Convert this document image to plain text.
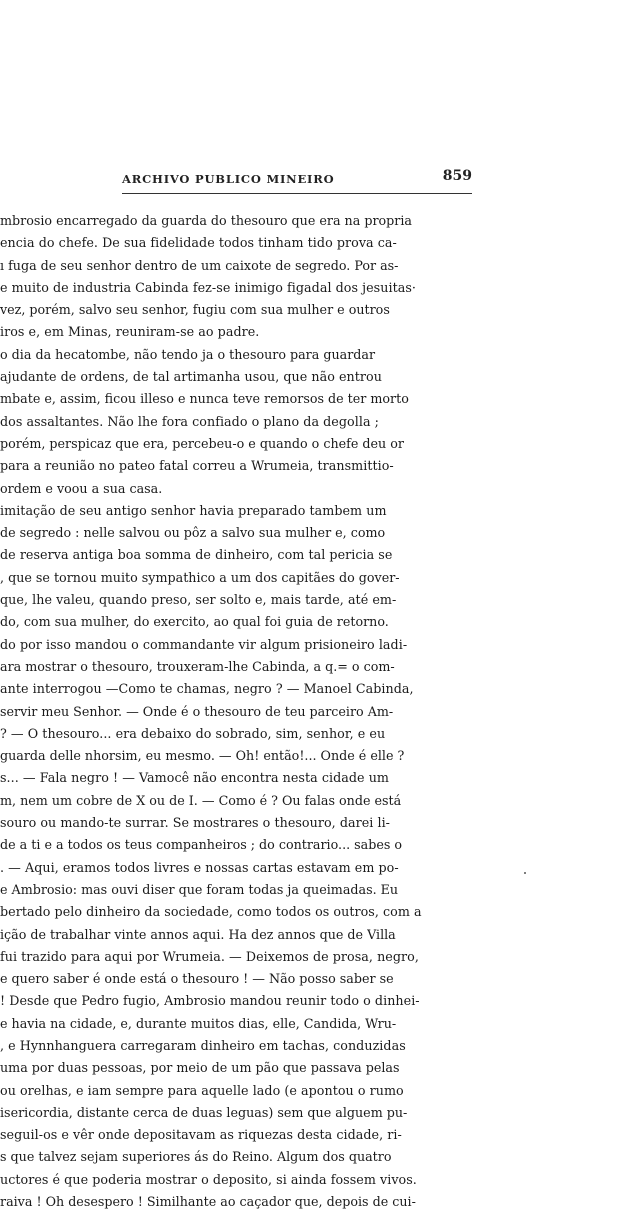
ARCHIVO PUBLICO MINEIRO	859
mbrosio encarregado da guarda do thesouro que era na propria
encia do chefe. De sua fidelidade todos tinham tido prova ca-
ı fuga de seu senhor dentro de um caixote de segredo. Por as-
e muito de industria Cabinda fez-se inimigo figadal dos jesuitas·
vez, porém, salvo seu senhor, fugiu com sua mulher e outros
iros e, em Minas, reuniram-se ao padre.
o dia da hecatombe, não tendo ja o thesouro para guardar
ajudante de ordens, de tal artimanha usou, que não entrou
mbate e, assim, ficou illeso e nunca teve remorsos de ter morto
dos assaltantes. Não lhe fora confiado o plano da degolla ;
porém, perspicaz que era, percebeu-o e quando o chefe deu or
para a reunião no pateo fatal correu a Wrumeia, transmittio-
ordem e voou a sua casa.
imitação de seu antigo senhor havia preparado tambem um
de segredo : nelle salvou ou pôz a salvo sua mulher e, como
de reserva antiga boa somma de dinheiro, com tal pericia se
, que se tornou muito sympathico a um dos capitães do gover-
que, lhe valeu, quando preso, ser solto e, mais tarde, até em-
do, com sua mulher, do exercito, ao qual foi guia de retorno.
do por isso mandou o commandante vir algum prisioneiro ladi-
ara mostrar o thesouro, trouxeram-lhe Cabinda, a q.= o com-
ante interrogou —Como te chamas, negro ? — Manoel Cabinda,
servir meu Senhor. — Onde é o thesouro de teu parceiro Am-
? — O thesouro... era debaixo do sobrado, sim, senhor, e eu
guarda delle nhorsim, eu mesmo. — Oh! então!... Onde é elle ?
s... — Fala negro ! — Vamocê não encontra nesta cidade um
m, nem um cobre de X ou de I. — Como é ? Ou falas onde está
souro ou mando-te surrar. Se mostrares o thesouro, darei li-
de a ti e a todos os teus companheiros ; do contrario... sabes o
. — Aqui, eramos todos livres e nossas cartas estavam em po-
e Ambrosio: mas ouvi diser que foram todas ja queimadas. Eu
bertado pelo dinheiro da sociedade, como todos os outros, com a
ição de trabalhar vinte annos aqui. Ha dez annos que de Villa
fui trazido para aqui por Wrumeia. — Deixemos de prosa, negro,
e quero saber é onde está o thesouro ! — Não posso saber se
! Desde que Pedro fugio, Ambrosio mandou reunir todo o dinhei-
e havia na cidade, e, durante muitos dias, elle, Candida, Wru-
, e Hynnhanguera carregaram dinheiro em tachas, conduzidas
uma por duas pessoas, por meio de um pão que passava pelas
ou orelhas, e iam sempre para aquelle lado (e apontou o rumo
isericordia, distante cerca de duas leguas) sem que alguem pu-
seguil-os e vêr onde depositavam as riquezas desta cidade, ri-
s que talvez sejam superiores ás do Reino. Algum dos quatro
uctores é que poderia mostrar o deposito, si ainda fossem vivos.
raiva ! Oh desespero ! Similhante ao caçador que, depois de cui-
